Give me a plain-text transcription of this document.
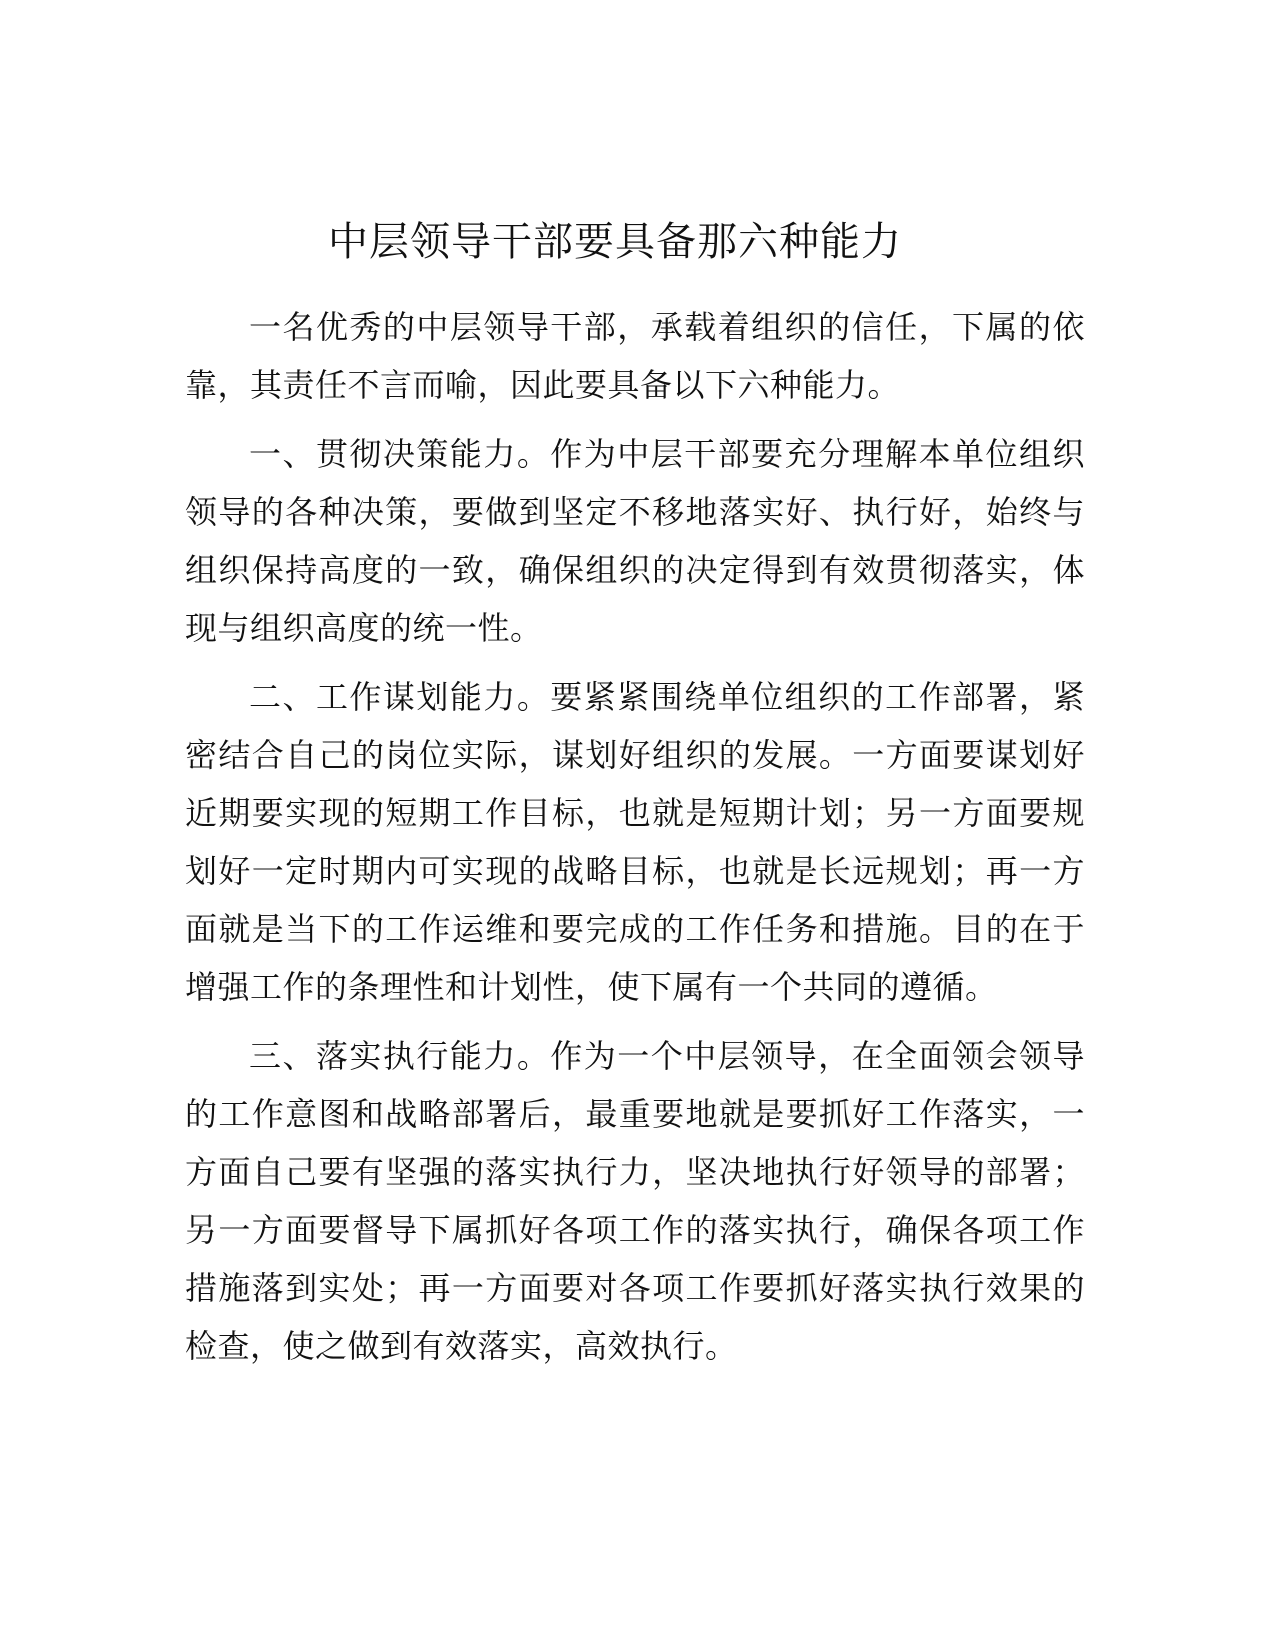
中层领导干部要具备那六种能力

一名优秀的中层领导干部，承载着组织的信任，下属的依靠，其责任不言而喻，因此要具备以下六种能力。

一、贯彻决策能力。作为中层干部要充分理解本单位组织领导的各种决策，要做到坚定不移地落实好、执行好，始终与组织保持高度的一致，确保组织的决定得到有效贯彻落实，体现与组织高度的统一性。

二、工作谋划能力。要紧紧围绕单位组织的工作部署，紧密结合自己的岗位实际，谋划好组织的发展。一方面要谋划好近期要实现的短期工作目标，也就是短期计划；另一方面要规划好一定时期内可实现的战略目标，也就是长远规划；再一方面就是当下的工作运维和要完成的工作任务和措施。目的在于增强工作的条理性和计划性，使下属有一个共同的遵循。

三、落实执行能力。作为一个中层领导，在全面领会领导的工作意图和战略部署后，最重要地就是要抓好工作落实，一方面自己要有坚强的落实执行力，坚决地执行好领导的部署；另一方面要督导下属抓好各项工作的落实执行，确保各项工作措施落到实处；再一方面要对各项工作要抓好落实执行效果的检查，使之做到有效落实，高效执行。
